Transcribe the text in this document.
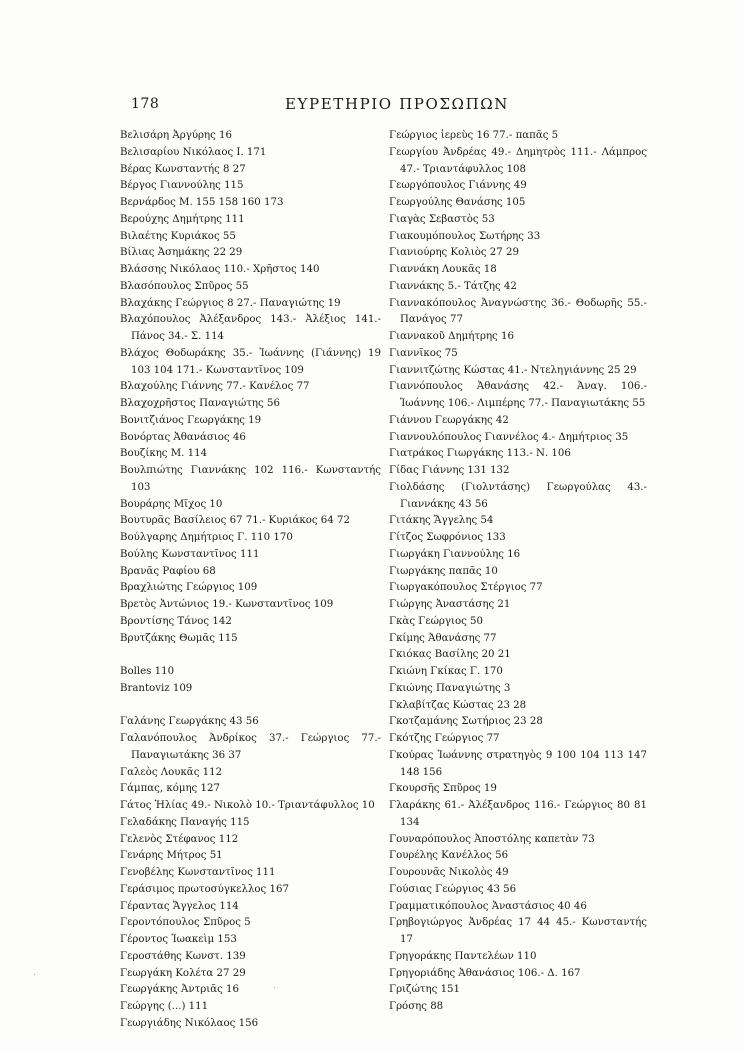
178	ΕΥΡΕΤΗΡΙΟ ΠΡΟΣΩΠΩΝ
Βελισάρη Ἀργύρης 16
Βελισαρίου Νικόλαος Ι. 171
Βέρας Κωνσταντής 8 27
Βέργος Γιαννούλης 115
Βερνάρδος Μ. 155 158 160 173
Βερούχης Δημήτρης 111
Βιλαέτης Κυριάκος 55
Βίλιας Ἀσημάκης 22 29
Βλάσσης Νικόλαος 110.- Χρῆστος 140
Βλασόπουλος Σπῦρος 55
Βλαχάκης Γεώργιος 8 27.- Παναγιώτης 19
Βλαχόπουλος Ἀλέξανδρος 143.- Ἀλέξιος 141.- Πάνος 34.- Σ. 114
Βλάχος Θοδωράκης 35.- Ἰωάννης (Γιάννης) 19 103 104 171.- Κωνσταντῖνος 109
Βλαχούλης Γιάννης 77.- Κανέλος 77
Βλαχοχρῆστος Παναγιώτης 56
Βονιτζιάνος Γεωργάκης 19
Βονόρτας Ἀθανάσιος 46
Βουζίκης Μ. 114
Βουλπιώτης Γιαννάκης 102 116.- Κωνσταντής 103
Βουράρης Μῖχος 10
Βουτυρᾶς Βασίλειος 67 71.- Κυριάκος 64 72
Βούλγαρης Δημήτριος Γ. 110 170
Βούλης Κωνσταντῖνος 111
Βρανᾶς Ραφίου 68
Βραχλιώτης Γεώργιος 109
Βρετὸς Ἀντώνιος 19.- Κωνσταντῖνος 109
Βροντίσης Τάνος 142
Βρυτζάκης Θωμᾶς 115
Bolles 110
Brantoviz 109
Γαλάνης Γεωργάκης 43 56
Γαλανόπουλος Ἀνδρίκος 37.- Γεώργιος 77.- Παναγιωτάκης 36 37
Γαλεὸς Λουκᾶς 112
Γάμπας, κόμης 127
Γάτος Ἠλίας 49.- Νικολὸ 10.- Τριαντάφυλλος 10
Γελαδάκης Παναγής 115
Γελενὸς Στέφανος 112
Γενάρης Μήτρος 51
Γενοβέλης Κωνσταντῖνος 111
Γεράσιμος πρωτοσύγκελλος 167
Γέραντας Ἄγγελος 114
Γεροντόπουλος Σπῦρος 5
Γέροντος Ἰωακεὶμ 153
Γεροστάθης Κωνστ. 139
Γεωργάκη Κολέτα 27 29
Γεωργάκης Ἀντριᾶς 16
Γεώργης (...) 111
Γεωργιάδης Νικόλαος 156
Γεώργιος ἱερεὺς 16 77.- παπᾶς 5
Γεωργίου Ἀνδρέας 49.- Δημητρὸς 111.- Λάμπρος 47.- Τριαντάφυλλος 108
Γεωργόπουλος Γιάννης 49
Γεωργούλης Θανάσης 105
Γιαγὰς Σεβαστὸς 53
Γιακουμόπουλος Σωτήρης 33
Γιανιούρης Κολιὸς 27 29
Γιαννάκη Λουκᾶς 18
Γιαννάκης 5.- Τάτζης 42
Γιαννακόπουλος Ἀναγνώστης 36.- Θοδωρῆς 55.- Πανάγος 77
Γιαννακοῦ Δημήτρης 16
Γιαννῖκος 75
Γιαννιτζώτης Κώστας 41.- Ντεληγιάννης 25 29
Γιαννόπουλος Ἀθανάσης 42.- Ἀναγ. 106.- Ἰωάννης 106.- Λιμπέρης 77.- Παναγιωτάκης 55
Γιάννου Γεωργάκης 42
Γιαννουλόπουλος Γιαννέλος 4.- Δημήτριος 35
Γιατράκος Γιωργάκης 113.- Ν. 106
Γίδας Γιάννης 131 132
Γιολδάσης (Γιολντάσης) Γεωργούλας 43.- Γιαννάκης 43 56
Γιτάκης Ἄγγελης 54
Γίτζος Σωφρόνιος 133
Γιωργάκη Γιαννούλης 16
Γιωργάκης παπᾶς 10
Γιωργακόπουλος Στέργιος 77
Γιώργης Ἀναστάσης 21
Γκὰς Γεώργιος 50
Γκίμης Ἀθανάσης 77
Γκιόκας Βασίλης 20 21
Γκιώνη Γκίκας Γ. 170
Γκιώνης Παναγιώτης 3
Γκλαβίτζας Κώστας 23 28
Γκοτζαμάνης Σωτήριος 23 28
Γκότζης Γεώργιος 77
Γκούρας Ἰωάννης στρατηγὸς 9 100 104 113 147 148 156
Γκουρσῆς Σπῦρος 19
Γλαράκης 61.- Ἀλέξανδρος 116.- Γεώργιος 80 81 134
Γουναρόπουλος Ἀποστόλης καπετὰν 73
Γουρέλης Κανέλλος 56
Γουρουνᾶς Νικολὸς 49
Γούσιας Γεώργιος 43 56
Γραμματικόπουλος Ἀναστάσιος 40 46
Γρηβογιώργος Ἀνδρέας 17 44 45.- Κωνσταντής 17
Γρηγοράκης Παντελέων 110
Γρηγοριάδης Ἀθανάσιος 106.- Δ. 167
Γριζώτης 151
Γρόσης 88
